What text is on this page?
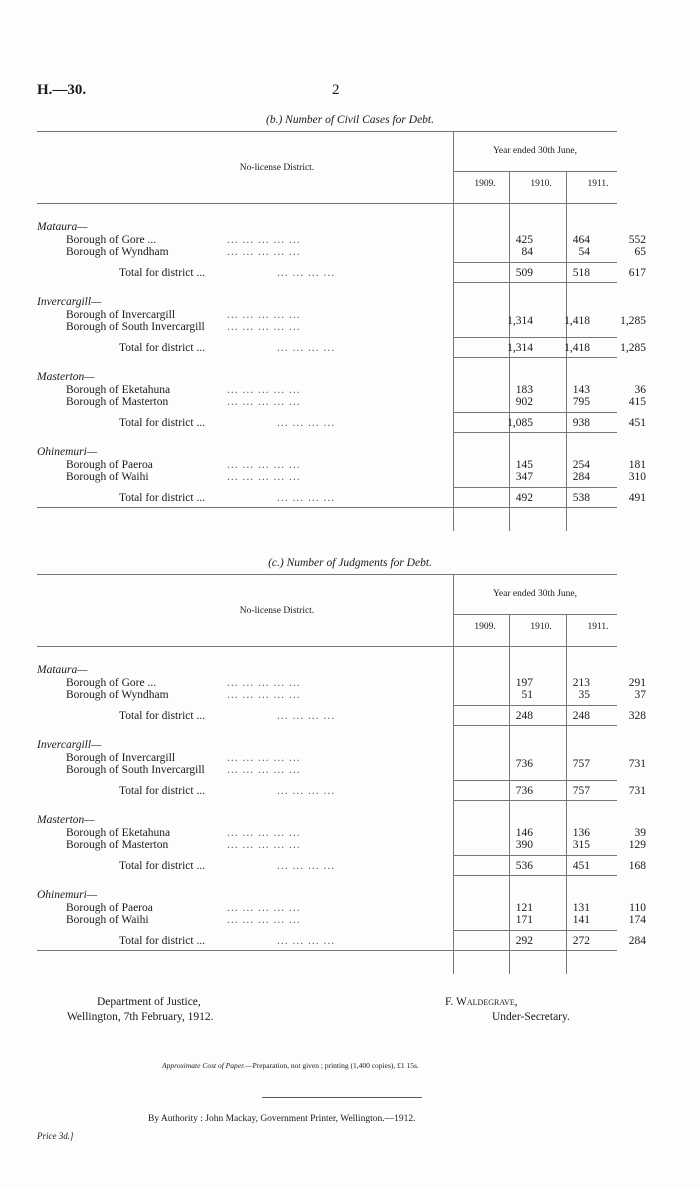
H.—30.	2
(b.) Number of Civil Cases for Debt.
No-license District.
Year ended 30th June,
1909.	1910.	1911.
Mataura—
Borough of Gore ...	... ... ... ... ...	425	464	552
Borough of Wyndham	... ... ... ... ...	84	54	65
Total for district ...	... ... ... ...	509	518	617
Invercargill—
Borough of Invercargill	... ... ... ... ...
Borough of South Invercargill ... ... ... ... ...	1,314	1,418	1,285
Total for district ...	... ... ... ...	1,314	1,418	1,285
Masterton—
Borough of Eketahuna	... ... ... ... ...	183	143	36
Borough of Masterton	... ... ... ... ...	902	795	415
Total for district ...	... ... ... ...	1,085	938	451
Ohinemuri—
Borough of Paeroa	... ... ... ... ...	145	254	181
Borough of Waihi	... ... ... ... ...	347	284	310
Total for district ...	... ... ... ...	492	538	491
(c.) Number of Judgments for Debt.
No-license District.
Year ended 30th June,
1909.	1910.	1911.
Mataura—
Borough of Gore ...	... ... ... ... ...	197	213	291
Borough of Wyndham	... ... ... ... ...	51	35	37
Total for district ...	... ... ... ...	248	248	328
Invercargill—
Borough of Invercargill	... ... ... ... ...
Borough of South Invercargill ... ... ... ... ...	736	757	731
Total for district ...	... ... ... ...	736	757	731
Masterton—
Borough of Eketahuna	... ... ... ... ...	146	136	39
Borough of Masterton	... ... ... ... ...	390	315	129
Total for district ...	... ... ... ...	536	451	168
Ohinemuri—
Borough of Paeroa	... ... ... ... ...	121	131	110
Borough of Waihi	... ... ... ... ...	171	141	174
Total for district ...	... ... ... ...	292	272	284
Department of Justice,
Wellington, 7th February, 1912.
F. Waldegrave,
Under-Secretary.
Approximate Cost of Paper.—Preparation, not given ; printing (1,400 copies), £1 15s.
By Authority : John Mackay, Government Printer, Wellington.—1912.
Price 3d.]
